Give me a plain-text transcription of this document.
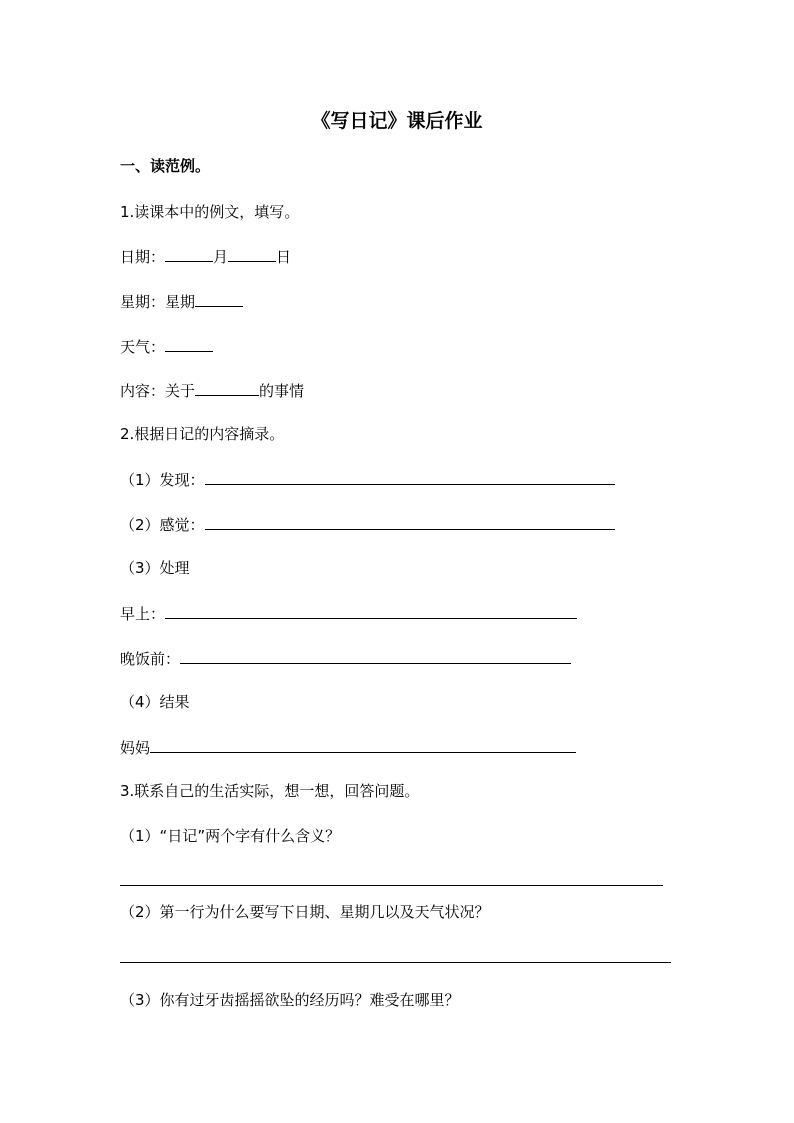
《写日记》课后作业
一、读范例。
1.读课本中的例文，填写。
日期：	月	日
星期：星期
天气：
内容：关于	的事情
2.根据日记的内容摘录。
（1）发现：
（2）感觉：
（3）处理
早上：
晚饭前：
（4）结果
妈妈
3.联系自己的生活实际，想一想，回答问题。
（1）“日记”两个字有什么含义？
（2）第一行为什么要写下日期、星期几以及天气状况？
（3）你有过牙齿摇摇欲坠的经历吗？难受在哪里？
